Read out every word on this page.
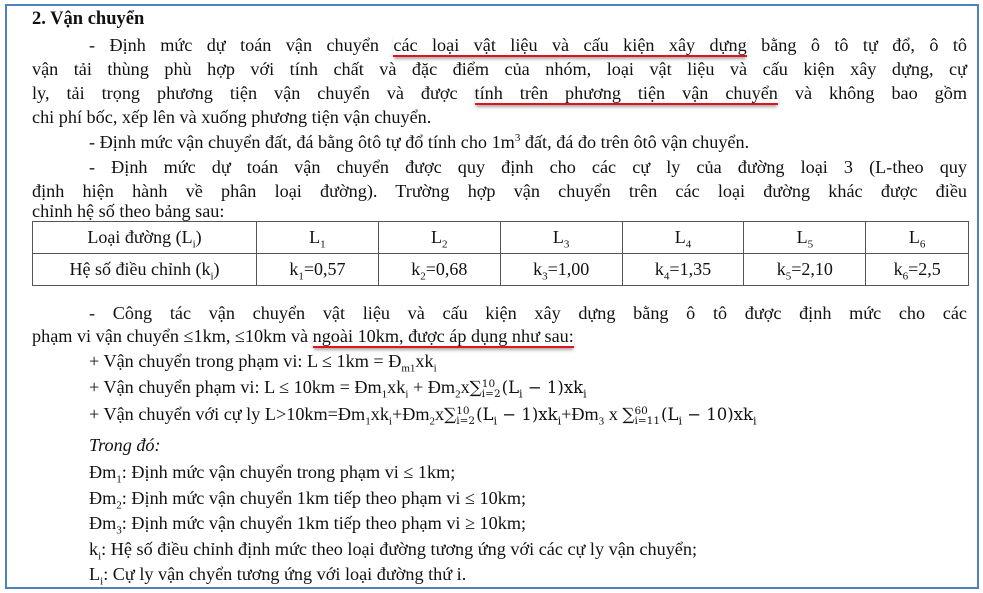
2. Vận chuyển
- Định mức dự toán vận chuyển các loại vật liệu và cấu kiện xây dựng bằng ô tô tự đổ, ô tô
vận tải thùng phù hợp với tính chất và đặc điểm của nhóm, loại vật liệu và cấu kiện xây dựng, cự
ly, tải trọng phương tiện vận chuyển và được tính trên phương tiện vận chuyển và không bao gồm
chi phí bốc, xếp lên và xuống phương tiện vận chuyển.
- Định mức vận chuyển đất, đá bằng ôtô tự đổ tính cho $1m^3$ đất, đá đo trên ôtô vận chuyển.
- Định mức dự toán vận chuyển được quy định cho các cự ly của đường loại 3 (L-theo quy
định hiện hành về phân loại đường). Trường hợp vận chuyển trên các loại đường khác được điều
chỉnh hệ số theo bảng sau:
Loại đường $(L_i)$	$L_1$	$L_2$	$L_3$	$L_4$	$L_5$	$L_6$
Hệ số điều chỉnh $(k_i)$	$k_1=0,57$	$k_2=0,68$	$k_3=1,00$	$k_4=1,35$	$k_5=2,10$	$k_6=2,5$
- Công tác vận chuyển vật liệu và cấu kiện xây dựng bằng ô tô được định mức cho các
phạm vi vận chuyển ≤1km, ≤10km và ngoài 10km, được áp dụng như sau:
+ Vận chuyển trong phạm vi: $L \le 1km = Đ_{m1}xk_i$
+ Vận chuyển phạm vi: $L \le 10km = Đm_1xk_i$ + $Đm_2x\sum$ 10
i=2 $(L_i - 1)xk_i$
+ Vận chuyển với cự ly $L>10km=Đm_1xk_i+Đm_2x\sum$ 10
i=2 ($L_i$ − $1)xk_i+Đm_3$ x ∑ 60
i=11 $(L_i - 10)xk_i$
Trong đó:
$Đm_1$: Định mức vận chuyển trong phạm vi ≤ 1km;
$Đm_2$: Định mức vận chuyển 1km tiếp theo phạm vi ≤ 10km;
$Đm_3$: Định mức vận chuyển 1km tiếp theo phạm vi ≥ 10km;
$k_i$: Hệ số điều chỉnh định mức theo loại đường tương ứng với các cự ly vận chuyển;
$L_i$: Cự ly vận chyển tương ứng với loại đường thứ i.
